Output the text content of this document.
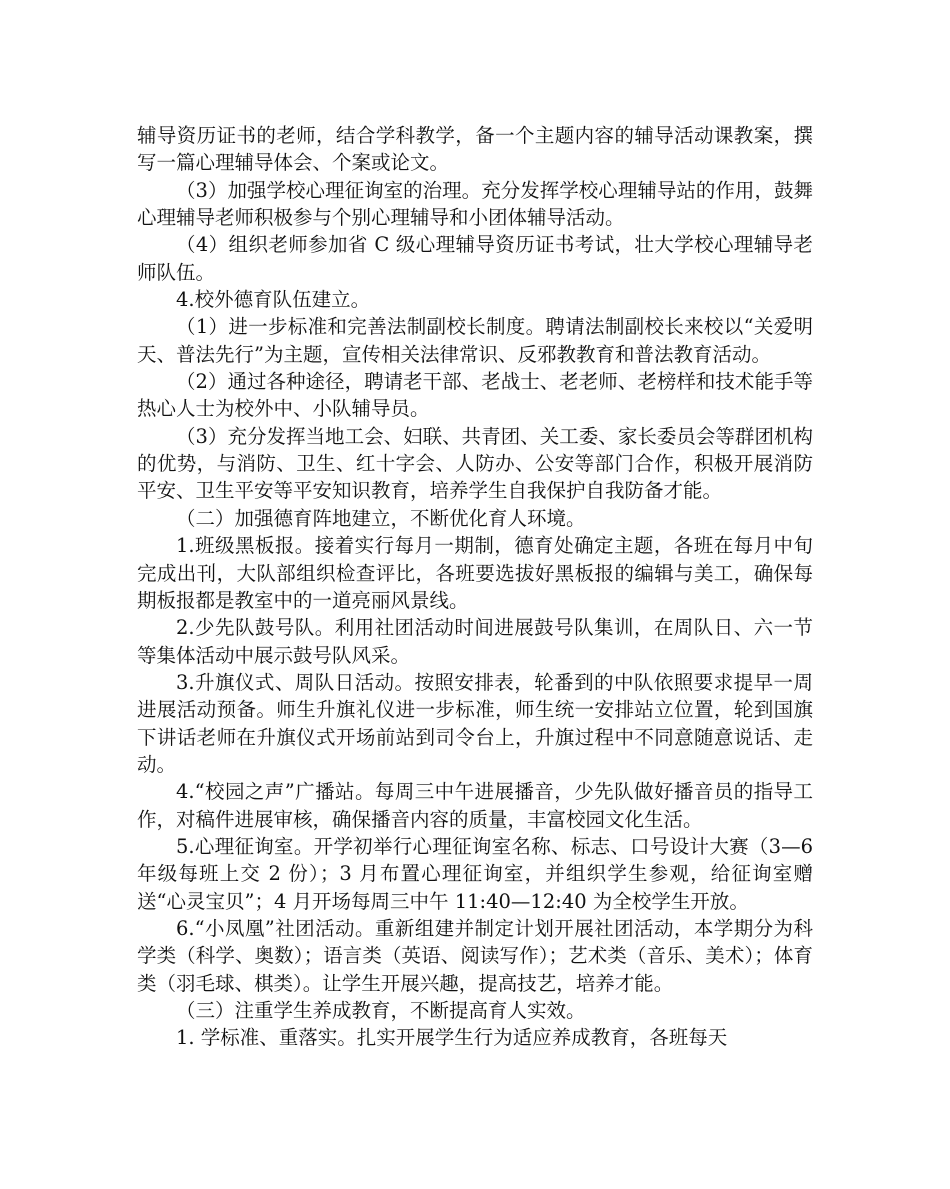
辅导资历证书的老师，结合学科教学，备一个主题内容的辅导活动课教案，撰写一篇心理辅导体会、个案或论文。

（3）加强学校心理征询室的治理。充分发挥学校心理辅导站的作用，鼓舞心理辅导老师积极参与个别心理辅导和小团体辅导活动。

（4）组织老师参加省 C 级心理辅导资历证书考试，壮大学校心理辅导老师队伍。

4.校外德育队伍建立。

（1）进一步标准和完善法制副校长制度。聘请法制副校长来校以“关爱明天、普法先行”为主题，宣传相关法律常识、反邪教教育和普法教育活动。

（2）通过各种途径，聘请老干部、老战士、老老师、老榜样和技术能手等热心人士为校外中、小队辅导员。

（3）充分发挥当地工会、妇联、共青团、关工委、家长委员会等群团机构的优势，与消防、卫生、红十字会、人防办、公安等部门合作，积极开展消防平安、卫生平安等平安知识教育，培养学生自我保护自我防备才能。

（二）加强德育阵地建立，不断优化育人环境。

1.班级黑板报。接着实行每月一期制，德育处确定主题，各班在每月中旬完成出刊，大队部组织检查评比，各班要选拔好黑板报的编辑与美工，确保每期板报都是教室中的一道亮丽风景线。

2.少先队鼓号队。利用社团活动时间进展鼓号队集训，在周队日、六一节等集体活动中展示鼓号队风采。

3.升旗仪式、周队日活动。按照安排表，轮番到的中队依照要求提早一周进展活动预备。师生升旗礼仪进一步标准，师生统一安排站立位置，轮到国旗下讲话老师在升旗仪式开场前站到司令台上，升旗过程中不同意随意说话、走动。

4.“校园之声”广播站。每周三中午进展播音，少先队做好播音员的指导工作，对稿件进展审核，确保播音内容的质量，丰富校园文化生活。

5.心理征询室。开学初举行心理征询室名称、标志、口号设计大赛（3—6 年级每班上交 2 份）；3 月布置心理征询室，并组织学生参观，给征询室赠送“心灵宝贝”；4 月开场每周三中午 11:40—12:40 为全校学生开放。

6.“小凤凰”社团活动。重新组建并制定计划开展社团活动，本学期分为科学类（科学、奥数）；语言类（英语、阅读写作）；艺术类（音乐、美术）；体育类（羽毛球、棋类）。让学生开展兴趣，提高技艺，培养才能。

（三）注重学生养成教育，不断提高育人实效。

1. 学标准、重落实。扎实开展学生行为适应养成教育，各班每天
